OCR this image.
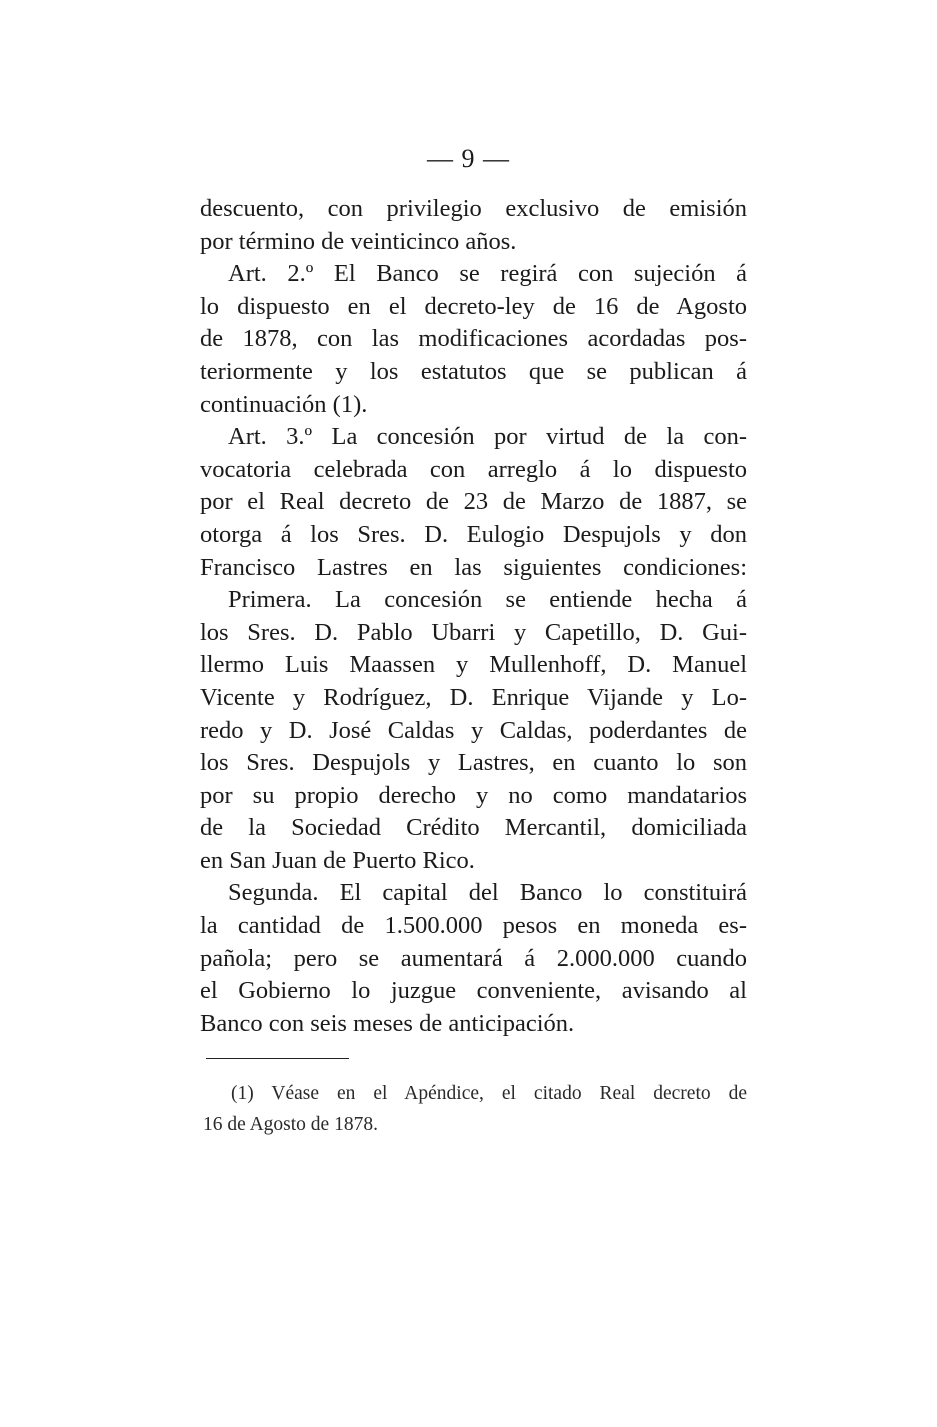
— 9 —
descuento, con privilegio exclusivo de emisión
por término de veinticinco años.
Art. 2.º El Banco se regirá con sujeción á
lo dispuesto en el decreto-ley de 16 de Agosto
de 1878, con las modificaciones acordadas pos-
teriormente y los estatutos que se publican á
continuación (1).
Art. 3.º La concesión por virtud de la con-
vocatoria celebrada con arreglo á lo dispuesto
por el Real decreto de 23 de Marzo de 1887, se
otorga á los Sres. D. Eulogio Despujols y don
Francisco Lastres en las siguientes condiciones:
Primera. La concesión se entiende hecha á
los Sres. D. Pablo Ubarri y Capetillo, D. Gui-
llermo Luis Maassen y Mullenhoff, D. Manuel
Vicente y Rodríguez, D. Enrique Vijande y Lo-
redo y D. José Caldas y Caldas, poderdantes de
los Sres. Despujols y Lastres, en cuanto lo son
por su propio derecho y no como mandatarios
de la Sociedad Crédito Mercantil, domiciliada
en San Juan de Puerto Rico.
Segunda. El capital del Banco lo constituirá
la cantidad de 1.500.000 pesos en moneda es-
pañola; pero se aumentará á 2.000.000 cuando
el Gobierno lo juzgue conveniente, avisando al
Banco con seis meses de anticipación.
(1) Véase en el Apéndice, el citado Real decreto de
16 de Agosto de 1878.
